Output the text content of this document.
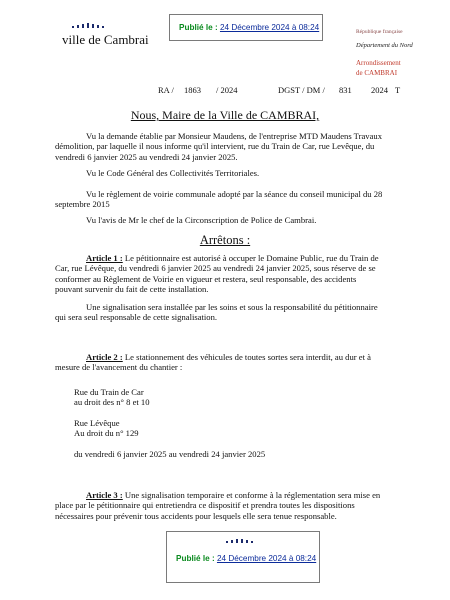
ville de Cambrai
Publié le : 24 Décembre 2024 à 08:24	République française
Département du Nord
Arrondissement
de CAMBRAI
RA / 1863 / 2024	DGST / DM / 831 2024 T
Nous, Maire de la Ville de CAMBRAI,
Vu la demande établie par Monsieur Maudens, de l'entreprise MTD Maudens Travaux
démolition, par laquelle il nous informe qu'il intervient, rue du Train de Car, rue Levêque, du
vendredi 6 janvier 2025 au vendredi 24 janvier 2025.
Vu le Code Général des Collectivités Territoriales.
Vu le règlement de voirie communale adopté par la séance du conseil municipal du 28
septembre 2015
Vu l'avis de Mr le chef de la Circonscription de Police de Cambrai.
Arrêtons :
Article 1 : Le pétitionnaire est autorisé à occuper le Domaine Public, rue du Train de
Car, rue Lévêque, du vendredi 6 janvier 2025 au vendredi 24 janvier 2025, sous réserve de se
conformer au Règlement de Voirie en vigueur et restera, seul responsable, des accidents
pouvant survenir du fait de cette installation.
Une signalisation sera installée par les soins et sous la responsabilité du pétitionnaire
qui sera seul responsable de cette signalisation.
Article 2 : Le stationnement des véhicules de toutes sortes sera interdit, au dur et à
mesure de l'avancement du chantier :
Rue du Train de Car
au droit des n° 8 et 10
Rue Lévêque
Au droit du n° 129
du vendredi 6 janvier 2025 au vendredi 24 janvier 2025
Article 3 : Une signalisation temporaire et conforme à la réglementation sera mise en
place par le pétitionnaire qui entretiendra ce dispositif et prendra toutes les dispositions
nécessaires pour prévenir tous accidents pour lesquels elle sera tenue responsable.
Publié le : 24 Décembre 2024 à 08:24
